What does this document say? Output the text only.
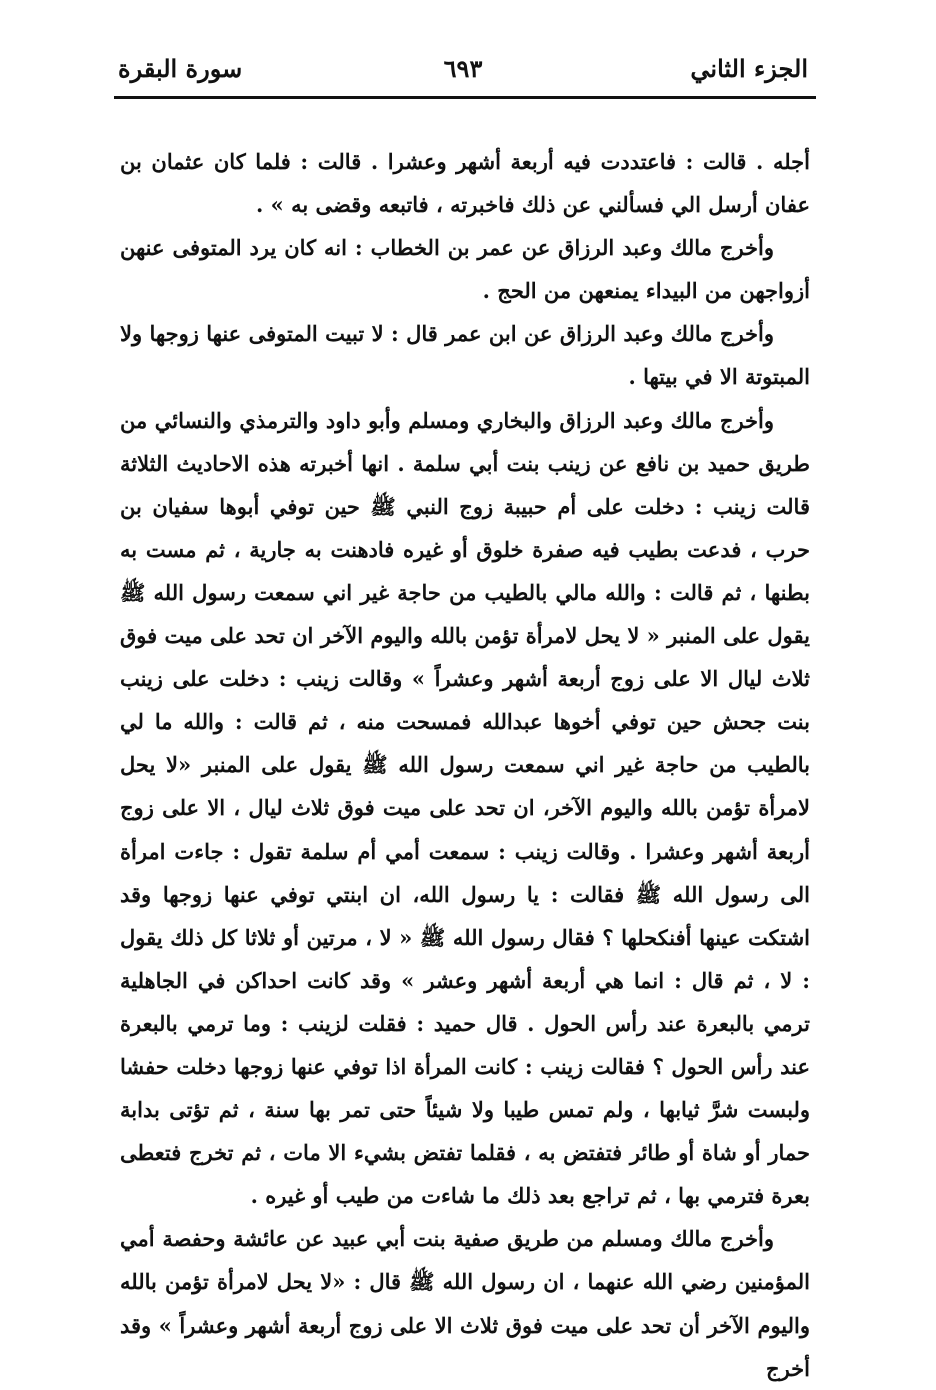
الجزء الثاني
٦٩٣
سورة البقرة

أجله . قالت : فاعتددت فيه أربعة أشهر وعشرا . قالت : فلما كان عثمان بن عفان أرسل الي فسألني عن ذلك فاخبرته ، فاتبعه وقضى به » .

وأخرج مالك وعبد الرزاق عن عمر بن الخطاب : انه كان يرد المتوفى عنهن أزواجهن من البيداء يمنعهن من الحج .

وأخرج مالك وعبد الرزاق عن ابن عمر قال : لا تبيت المتوفى عنها زوجها ولا المبتوتة الا في بيتها .

وأخرج مالك وعبد الرزاق والبخاري ومسلم وأبو داود والترمذي والنسائي من طريق حميد بن نافع عن زينب بنت أبي سلمة . انها أخبرته هذه الاحاديث الثلاثة قالت زينب : دخلت على أم حبيبة زوج النبي ﷺ حين توفي أبوها سفيان بن حرب ، فدعت بطيب فيه صفرة خلوق أو غيره فادهنت به جارية ، ثم مست به بطنها ، ثم قالت : والله مالي بالطيب من حاجة غير اني سمعت رسول الله ﷺ يقول على المنبر « لا يحل لامرأة تؤمن بالله واليوم الآخر ان تحد على ميت فوق ثلاث ليال الا على زوج أربعة أشهر وعشراً » وقالت زينب : دخلت على زينب بنت جحش حين توفي أخوها عبدالله فمسحت منه ، ثم قالت : والله ما لي بالطيب من حاجة غير اني سمعت رسول الله ﷺ يقول على المنبر «لا يحل لامرأة تؤمن بالله واليوم الآخر، ان تحد على ميت فوق ثلاث ليال ، الا على زوج أربعة أشهر وعشرا . وقالت زينب : سمعت أمي أم سلمة تقول : جاءت امرأة الى رسول الله ﷺ فقالت : يا رسول الله، ان ابنتي توفي عنها زوجها وقد اشتكت عينها أفنكحلها ؟ فقال رسول الله ﷺ « لا ، مرتين أو ثلاثا كل ذلك يقول : لا ، ثم قال : انما هي أربعة أشهر وعشر » وقد كانت احداكن في الجاهلية ترمي بالبعرة عند رأس الحول . قال حميد : فقلت لزينب : وما ترمي بالبعرة عند رأس الحول ؟ فقالت زينب : كانت المرأة اذا توفي عنها زوجها دخلت حفشا ولبست شرَّ ثيابها ، ولم تمس طيبا ولا شيئاً حتى تمر بها سنة ، ثم تؤتى بدابة حمار أو شاة أو طائر فتفتض به ، فقلما تفتض بشيء الا مات ، ثم تخرج فتعطى بعرة فترمي بها ، ثم تراجع بعد ذلك ما شاءت من طيب أو غيره .

وأخرج مالك ومسلم من طريق صفية بنت أبي عبيد عن عائشة وحفصة أمي المؤمنين رضي الله عنهما ، ان رسول الله ﷺ قال : «لا يحل لامرأة تؤمن بالله واليوم الآخر أن تحد على ميت فوق ثلاث الا على زوج أربعة أشهر وعشراً » وقد أخرج
